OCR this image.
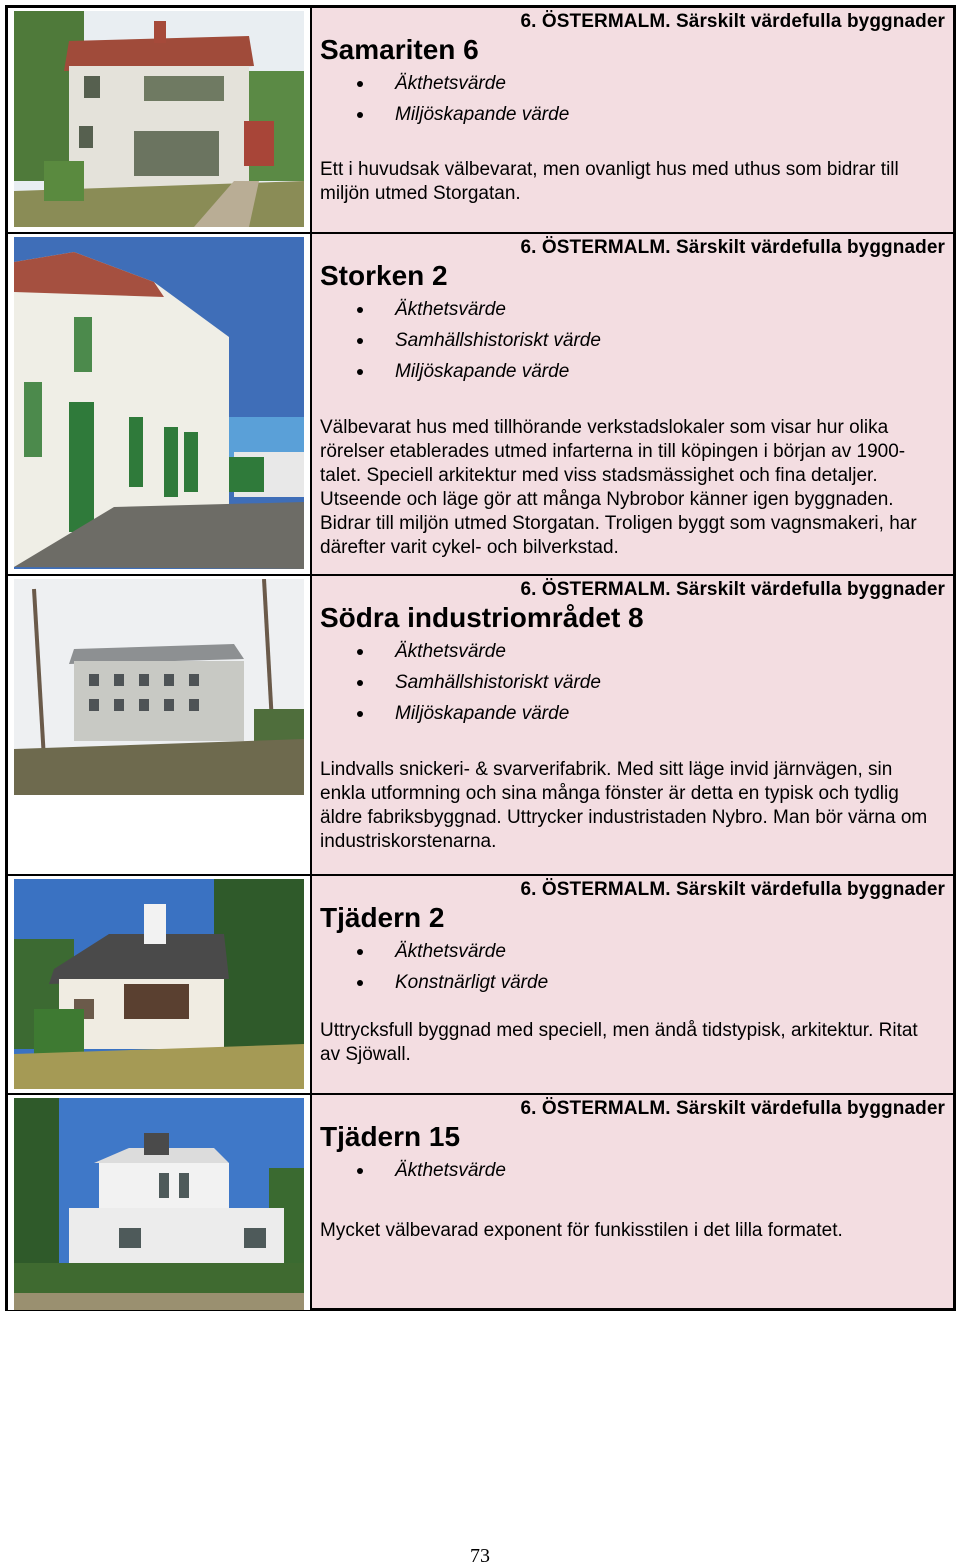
6. ÖSTERMALM. Särskilt värdefulla byggnader
Samariten 6
Äkthetsvärde
Miljöskapande värde

Ett i huvudsak välbevarat, men ovanligt hus med uthus som bidrar till miljön utmed Storgatan.

6. ÖSTERMALM. Särskilt värdefulla byggnader
Storken 2
Äkthetsvärde
Samhällshistoriskt värde
Miljöskapande värde

Välbevarat hus med tillhörande verkstadslokaler som visar hur olika rörelser etablerades utmed infarterna in till köpingen i början av 1900-talet. Speciell arkitektur med viss stadsmässighet och fina detaljer. Utseende och läge gör att många Nybrobor känner igen byggnaden. Bidrar till miljön utmed Storgatan. Troligen byggt som vagnsmakeri, har därefter varit cykel- och bilverkstad.

6. ÖSTERMALM. Särskilt värdefulla byggnader
Södra industriområdet 8
Äkthetsvärde
Samhällshistoriskt värde
Miljöskapande värde

Lindvalls snickeri- & svarverifabrik. Med sitt läge invid järnvägen, sin enkla utformning och sina många fönster är detta en typisk och tydlig äldre fabriksbyggnad. Uttrycker industristaden Nybro. Man bör värna om industriskorstenarna.

6. ÖSTERMALM. Särskilt värdefulla byggnader
Tjädern 2
Äkthetsvärde
Konstnärligt värde

Uttrycksfull byggnad med speciell, men ändå tidstypisk, arkitektur. Ritat av Sjöwall.

6. ÖSTERMALM. Särskilt värdefulla byggnader
Tjädern 15
Äkthetsvärde

Mycket välbevarad exponent för funkisstilen i det lilla formatet.

73
